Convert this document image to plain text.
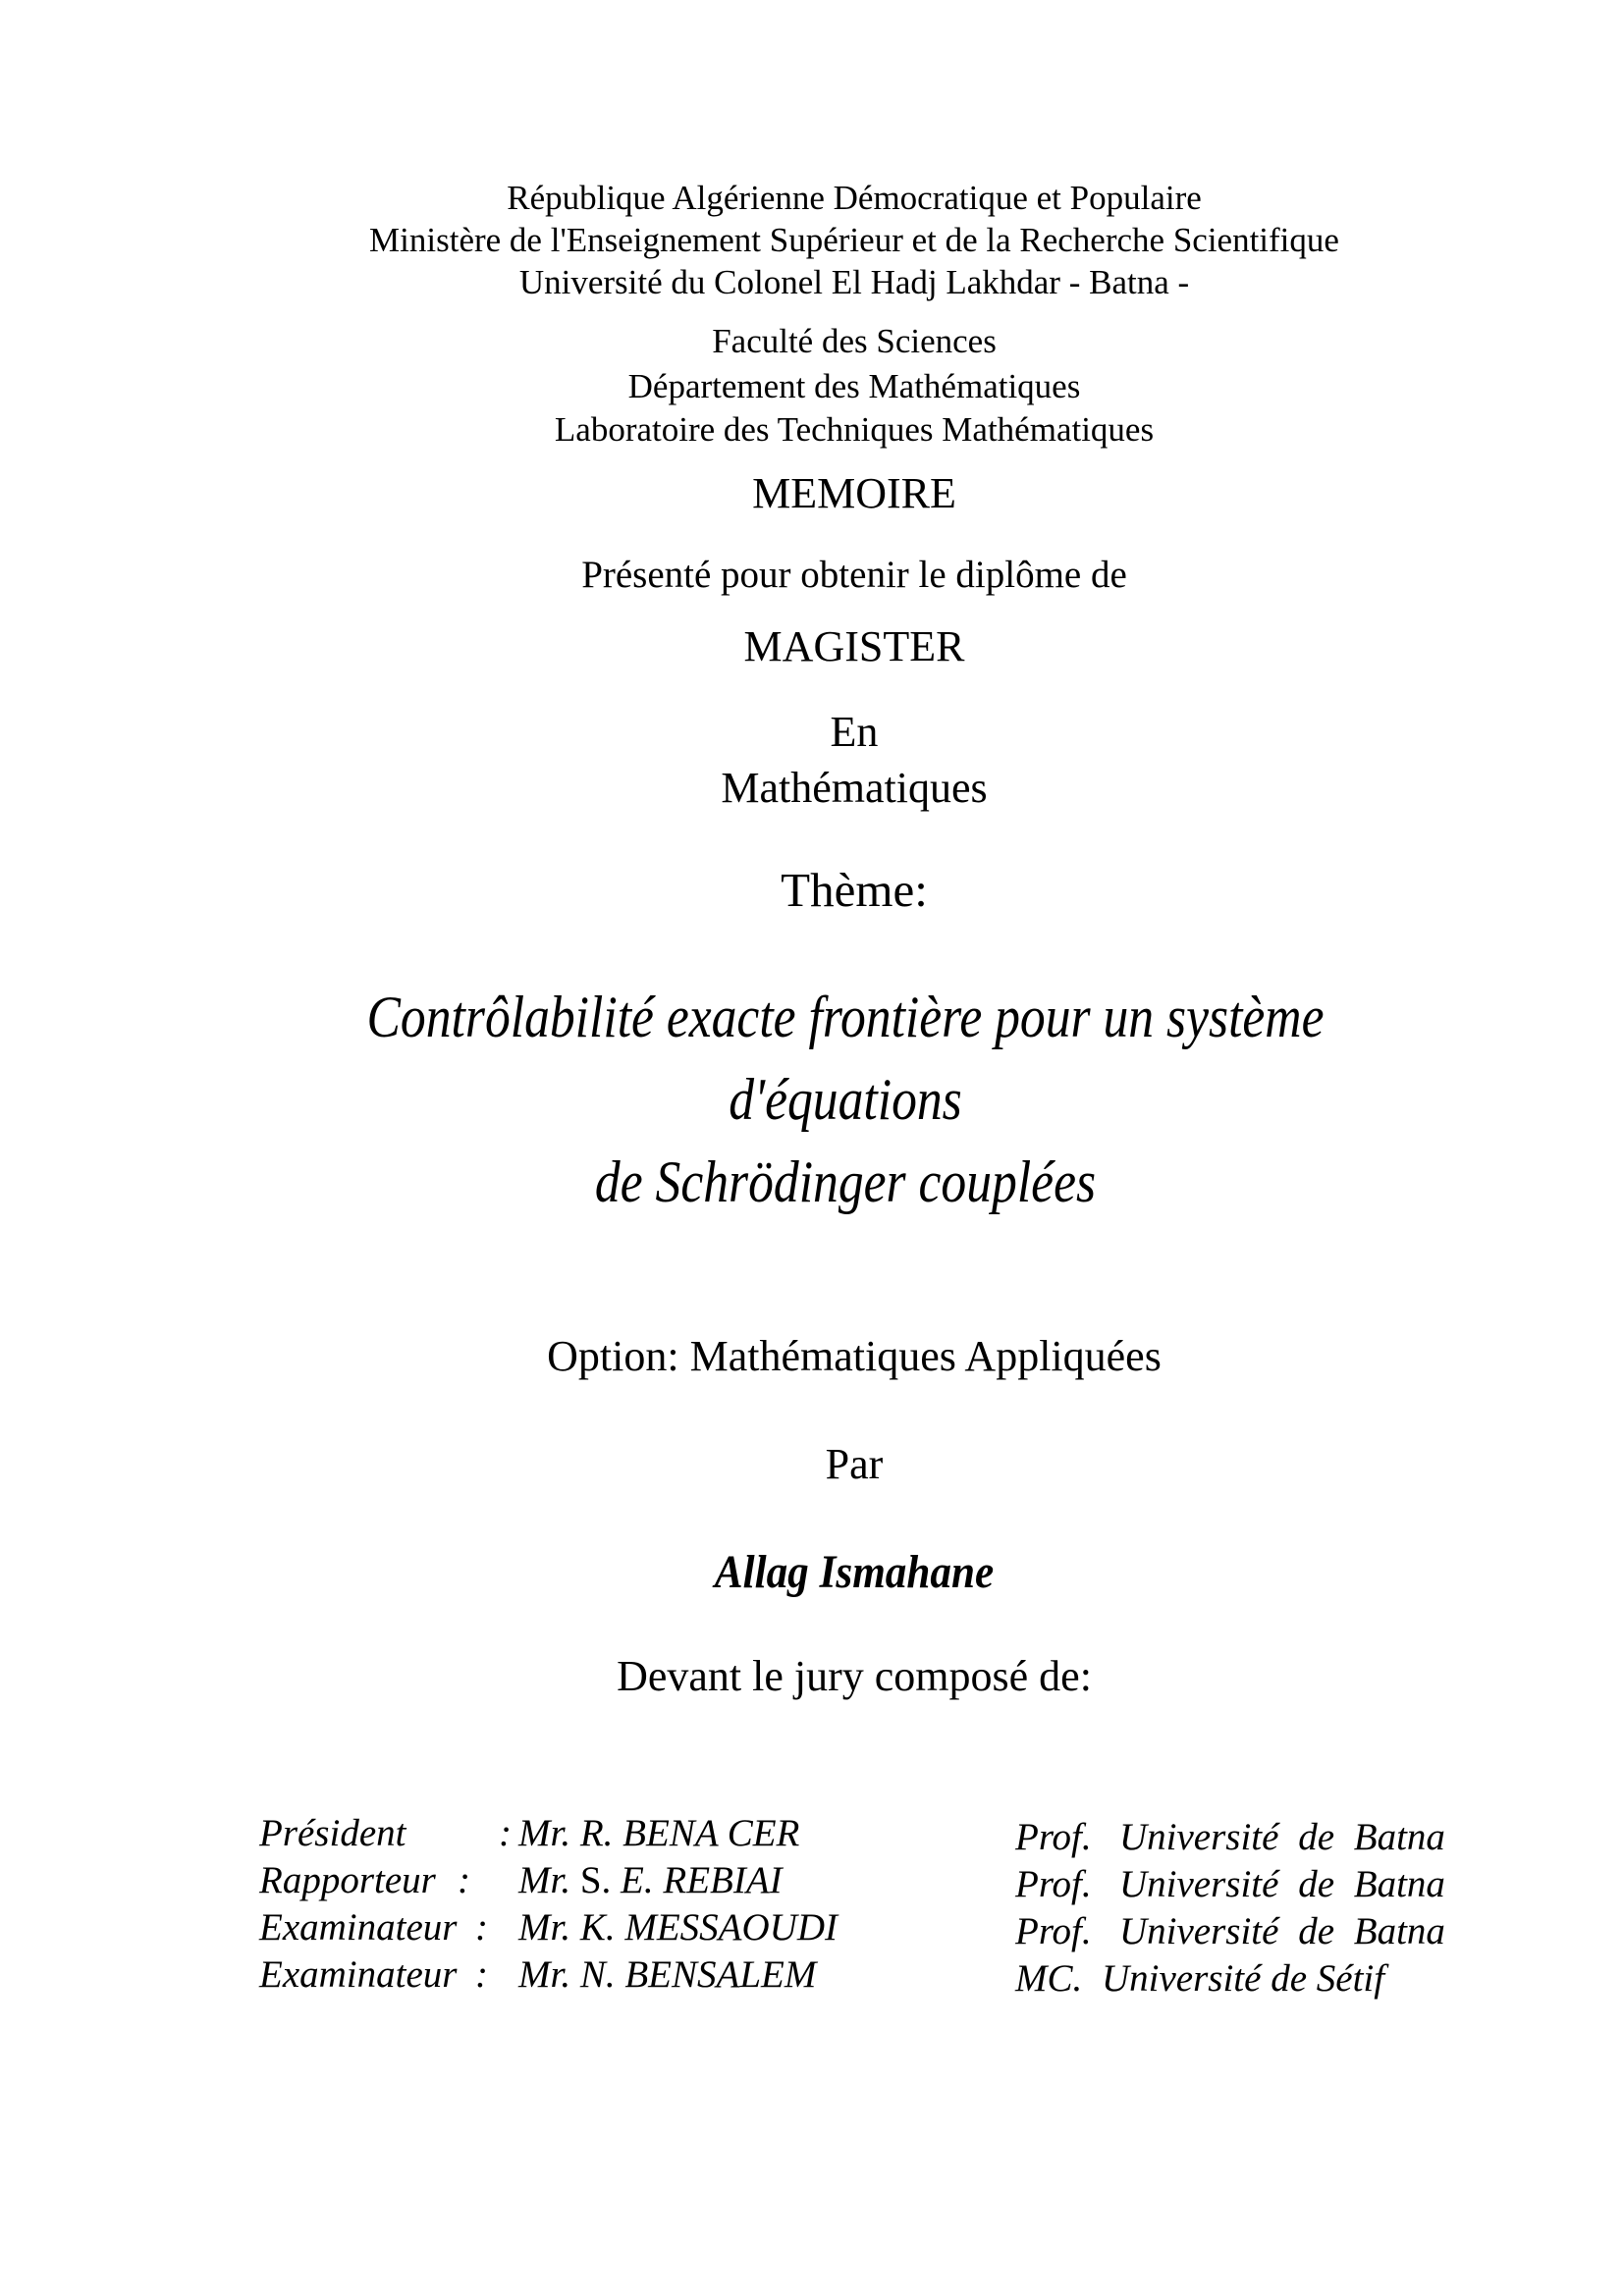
République Algérienne Démocratique et Populaire
Ministère de l'Enseignement Supérieur et de la Recherche Scientifique
Université du Colonel El Hadj Lakhdar - Batna -
Faculté des Sciences
Département des Mathématiques
Laboratoire des Techniques Mathématiques
MEMOIRE
Présenté pour obtenir le diplôme de
MAGISTER
En
Mathématiques
Thème:
Contrôlabilité exacte frontière pour un système
d'équations
de Schrödinger couplées
Option: Mathématiques Appliquées
Par
Allag Ismahane
Devant le jury composé de:
Président : Mr. R. BENA CER	Prof. Université de Batna
Rapporteur : Mr. S. E. REBIAI	Prof. Université de Batna
Examinateur : Mr. K. MESSAOUDI	Prof. Université de Batna
Examinateur : Mr. N. BENSALEM	MC. Université de Sétif
